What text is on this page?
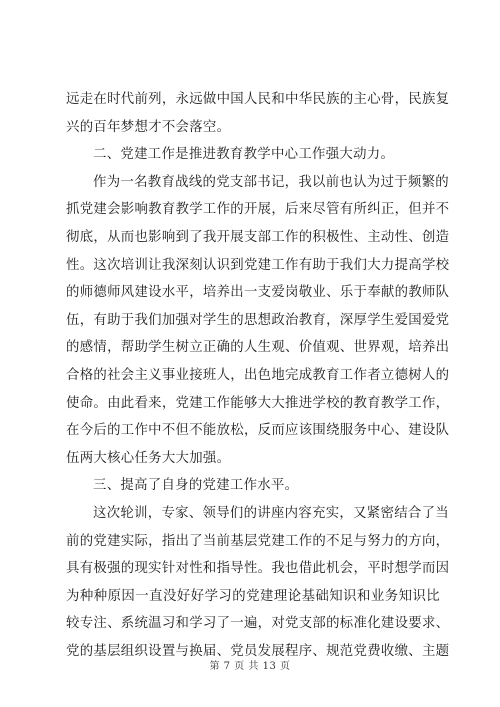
远走在时代前列，永远做中国人民和中华民族的主心骨，民族复
兴的百年梦想才不会落空。
二、党建工作是推进教育教学中心工作强大动力。
作为一名教育战线的党支部书记，我以前也认为过于频繁的
抓党建会影响教育教学工作的开展，后来尽管有所纠正，但并不
彻底，从而也影响到了我开展支部工作的积极性、主动性、创造
性。这次培训让我深刻认识到党建工作有助于我们大力提高学校
的师德师风建设水平，培养出一支爱岗敬业、乐于奉献的教师队
伍，有助于我们加强对学生的思想政治教育，深厚学生爱国爱党
的感情，帮助学生树立正确的人生观、价值观、世界观，培养出
合格的社会主义事业接班人，出色地完成教育工作者立德树人的
使命。由此看来，党建工作能够大大推进学校的教育教学工作，
在今后的工作中不但不能放松，反而应该围绕服务中心、建设队
伍两大核心任务大大加强。
三、提高了自身的党建工作水平。
这次轮训，专家、领导们的讲座内容充实，又紧密结合了当
前的党建实际，指出了当前基层党建工作的不足与努力的方向，
具有极强的现实针对性和指导性。我也借此机会，平时想学而因
为种种原因一直没好好学习的党建理论基础知识和业务知识比
较专注、系统温习和学习了一遍，对党支部的标准化建设要求、
党的基层组织设置与换届、党员发展程序、规范党费收缴、主题
第 7 页 共 13 页
